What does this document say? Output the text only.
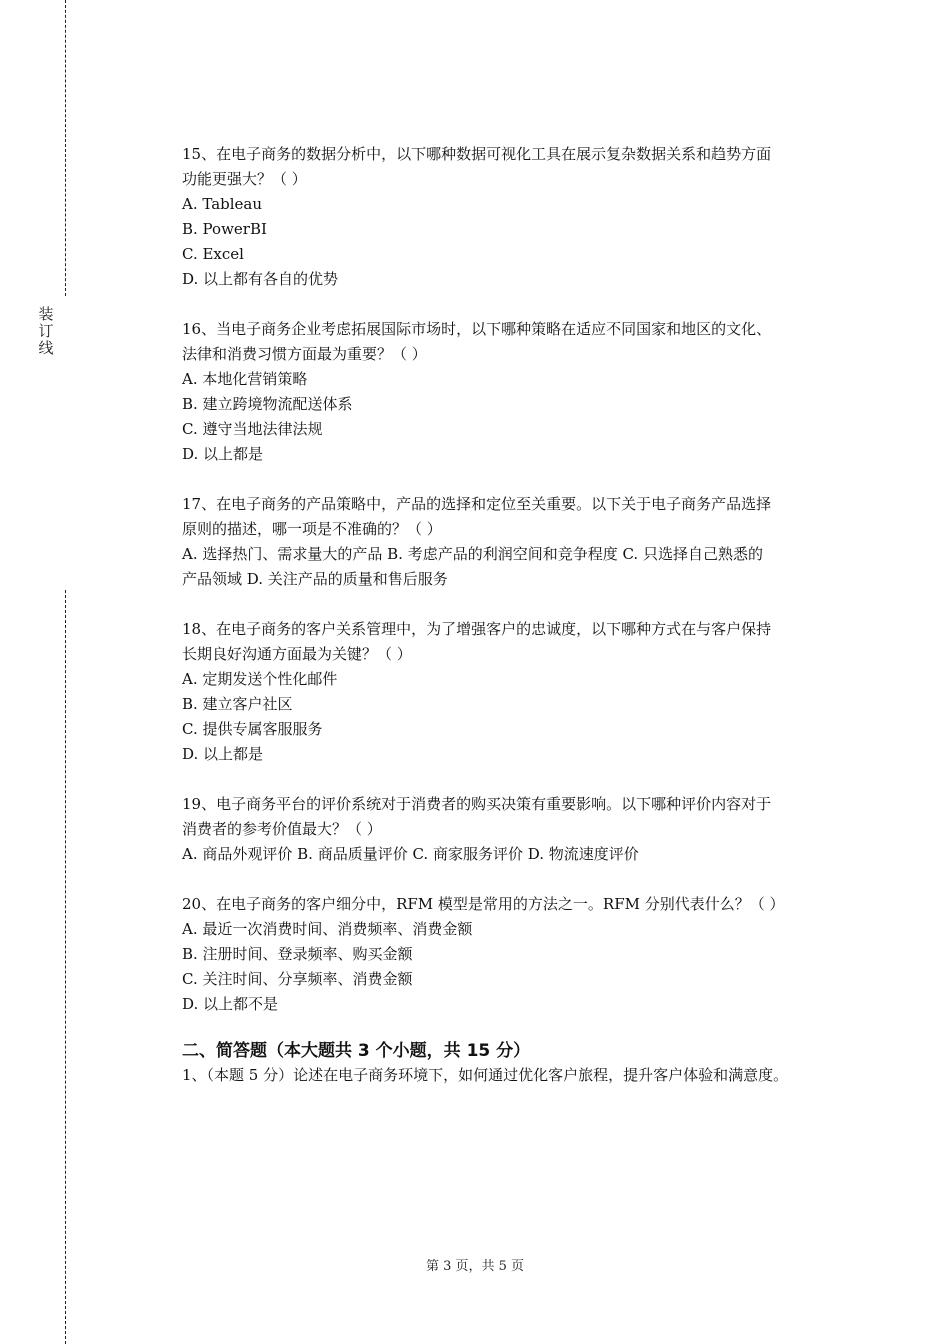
装
订
线
15、在电子商务的数据分析中，以下哪种数据可视化工具在展示复杂数据关系和趋势方面
功能更强大？（ ）
A. Tableau
B. PowerBI
C. Excel
D. 以上都有各自的优势
16、当电子商务企业考虑拓展国际市场时，以下哪种策略在适应不同国家和地区的文化、
法律和消费习惯方面最为重要？（ ）
A. 本地化营销策略
B. 建立跨境物流配送体系
C. 遵守当地法律法规
D. 以上都是
17、在电子商务的产品策略中，产品的选择和定位至关重要。以下关于电子商务产品选择
原则的描述，哪一项是不准确的？（ ）
A. 选择热门、需求量大的产品 B. 考虑产品的利润空间和竞争程度 C. 只选择自己熟悉的
产品领域 D. 关注产品的质量和售后服务
18、在电子商务的客户关系管理中，为了增强客户的忠诚度，以下哪种方式在与客户保持
长期良好沟通方面最为关键？（ ）
A. 定期发送个性化邮件
B. 建立客户社区
C. 提供专属客服服务
D. 以上都是
19、电子商务平台的评价系统对于消费者的购买决策有重要影响。以下哪种评价内容对于
消费者的参考价值最大？（ ）
A. 商品外观评价 B. 商品质量评价 C. 商家服务评价 D. 物流速度评价
20、在电子商务的客户细分中，RFM 模型是常用的方法之一。RFM 分别代表什么？（ ）
A. 最近一次消费时间、消费频率、消费金额
B. 注册时间、登录频率、购买金额
C. 关注时间、分享频率、消费金额
D. 以上都不是
二、简答题（本大题共 3 个小题，共 15 分）
1、（本题 5 分）论述在电子商务环境下，如何通过优化客户旅程，提升客户体验和满意度。
第 3 页，共 5 页
